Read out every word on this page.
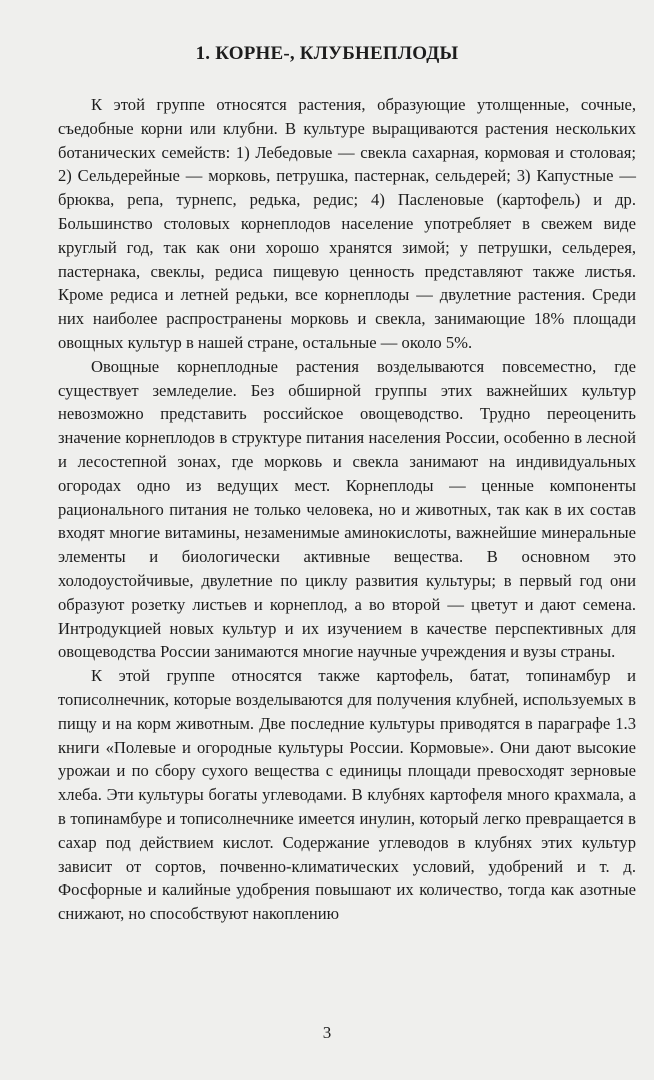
1. КОРНЕ-, КЛУБНЕПЛОДЫ

К этой группе относятся растения, образующие утолщенные, сочные, съедобные корни или клубни. В культуре выращиваются растения нескольких ботанических семейств: 1) Лебедовые — свекла сахарная, кормовая и столовая; 2) Сельдерейные — морковь, петрушка, пастернак, сельдерей; 3) Капустные — брюква, репа, турнепс, редька, редис; 4) Пасленовые (картофель) и др. Большинство столовых корнеплодов население употребляет в свежем виде круглый год, так как они хорошо хранятся зимой; у петрушки, сельдерея, пастернака, свеклы, редиса пищевую ценность представляют также листья. Кроме редиса и летней редьки, все корнеплоды — двулетние растения. Среди них наиболее распространены морковь и свекла, занимающие 18% площади овощных культур в нашей стране, остальные — около 5%.

Овощные корнеплодные растения возделываются повсеместно, где существует земледелие. Без обширной группы этих важнейших культур невозможно представить российское овощеводство. Трудно переоценить значение корнеплодов в структуре питания населения России, особенно в лесной и лесостепной зонах, где морковь и свекла занимают на индивидуальных огородах одно из ведущих мест. Корнеплоды — ценные компоненты рационального питания не только человека, но и животных, так как в их состав входят многие витамины, незаменимые аминокислоты, важнейшие минеральные элементы и биологически активные вещества. В основном это холодоустойчивые, двулетние по циклу развития культуры; в первый год они образуют розетку листьев и корнеплод, а во второй — цветут и дают семена. Интродукцией новых культур и их изучением в качестве перспективных для овощеводства России занимаются многие научные учреждения и вузы страны.

К этой группе относятся также картофель, батат, топинамбур и тописолнечник, которые возделываются для получения клубней, используемых в пищу и на корм животным. Две последние культуры приводятся в параграфе 1.3 книги «Полевые и огородные культуры России. Кормовые». Они дают высокие урожаи и по сбору сухого вещества с единицы площади превосходят зерновые хлеба. Эти культуры богаты углеводами. В клубнях картофеля много крахмала, а в топинамбуре и тописолнечнике имеется инулин, который легко превращается в сахар под действием кислот. Содержание углеводов в клубнях этих культур зависит от сортов, почвенно-климатических условий, удобрений и т. д. Фосфорные и калийные удобрения повышают их количество, тогда как азотные снижают, но способствуют накоплению

3
